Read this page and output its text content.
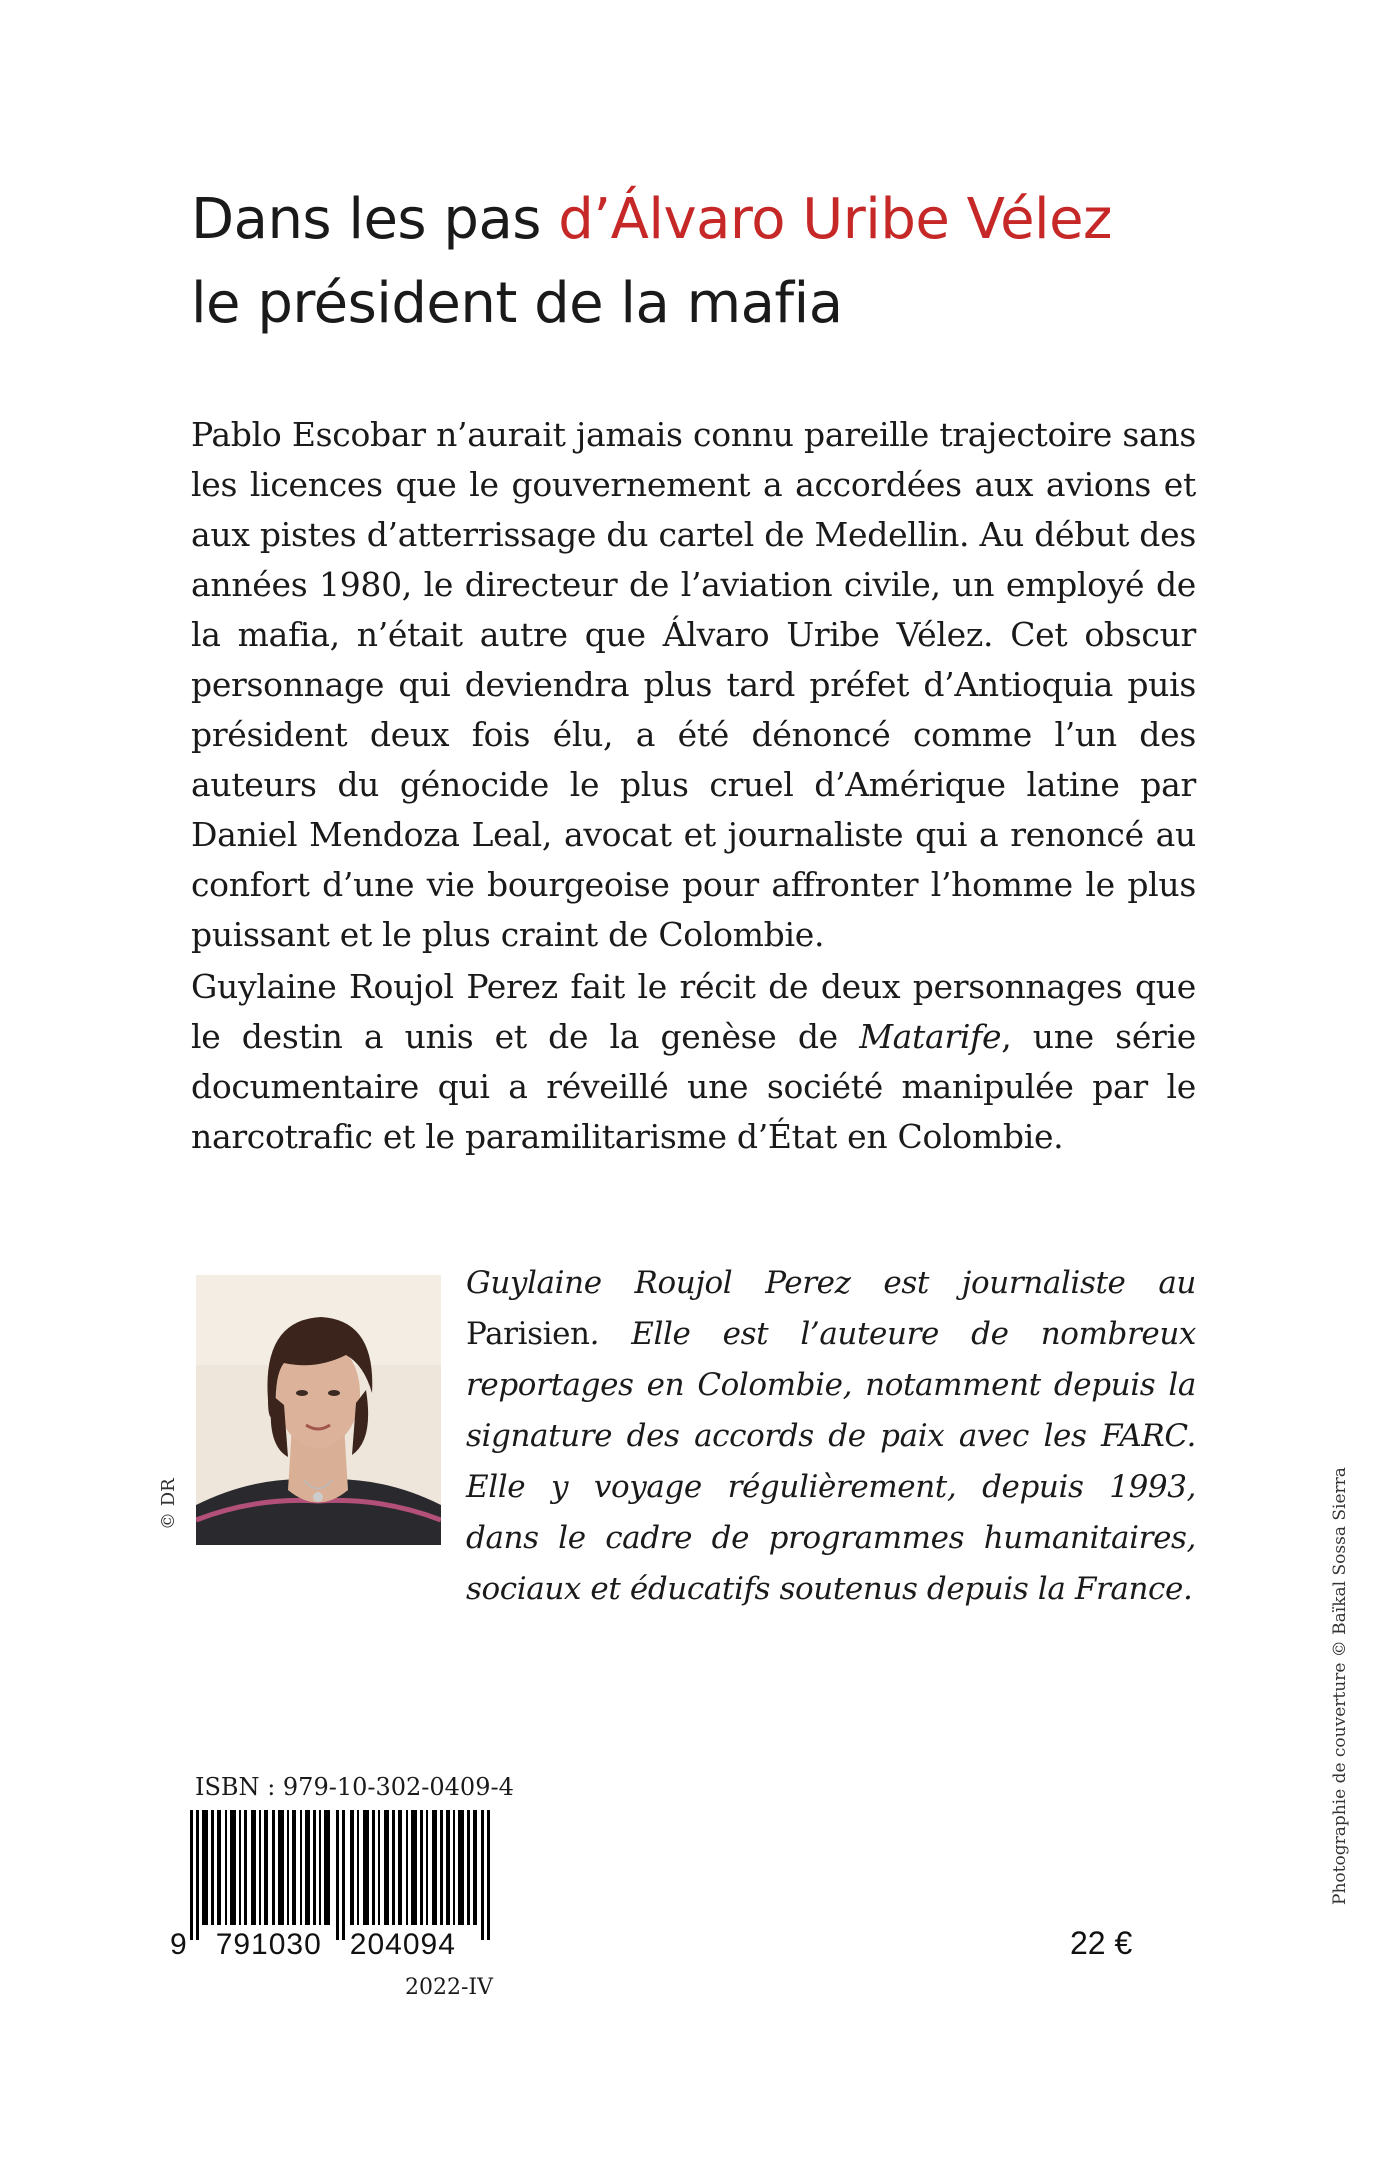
Dans les pas d’Álvaro Uribe Vélez
le président de la mafia

Pablo Escobar n’aurait jamais connu pareille trajectoire sans les licences que le gouvernement a accordées aux avions et aux pistes d’atterrissage du cartel de Medellin. Au début des années 1980, le directeur de l’aviation civile, un employé de la mafia, n’était autre que Álvaro Uribe Vélez. Cet obscur personnage qui deviendra plus tard préfet d’Antioquia puis président deux fois élu, a été dénoncé comme l’un des auteurs du génocide le plus cruel d’Amérique latine par Daniel Mendoza Leal, avocat et journaliste qui a renoncé au confort d’une vie bourgeoise pour affronter l’homme le plus puissant et le plus craint de Colombie.

Guylaine Roujol Perez fait le récit de deux personnages que le destin a unis et de la genèse de Matarife, une série documentaire qui a réveillé une société manipulée par le narcotrafic et le paramilitarisme d’État en Colombie.

© DR

Guylaine Roujol Perez est journaliste au Parisien. Elle est l’auteure de nombreux reportages en Colombie, notamment depuis la signature des accords de paix avec les FARC. Elle y voyage régulièrement, depuis 1993, dans le cadre de programmes humanitaires, sociaux et éducatifs soutenus depuis la France.	Photographie de couverture © Baïkal Sossa Sierra
ISBN : 979-10-302-0409-4
9   791030   204094
2022-IV
22 €
